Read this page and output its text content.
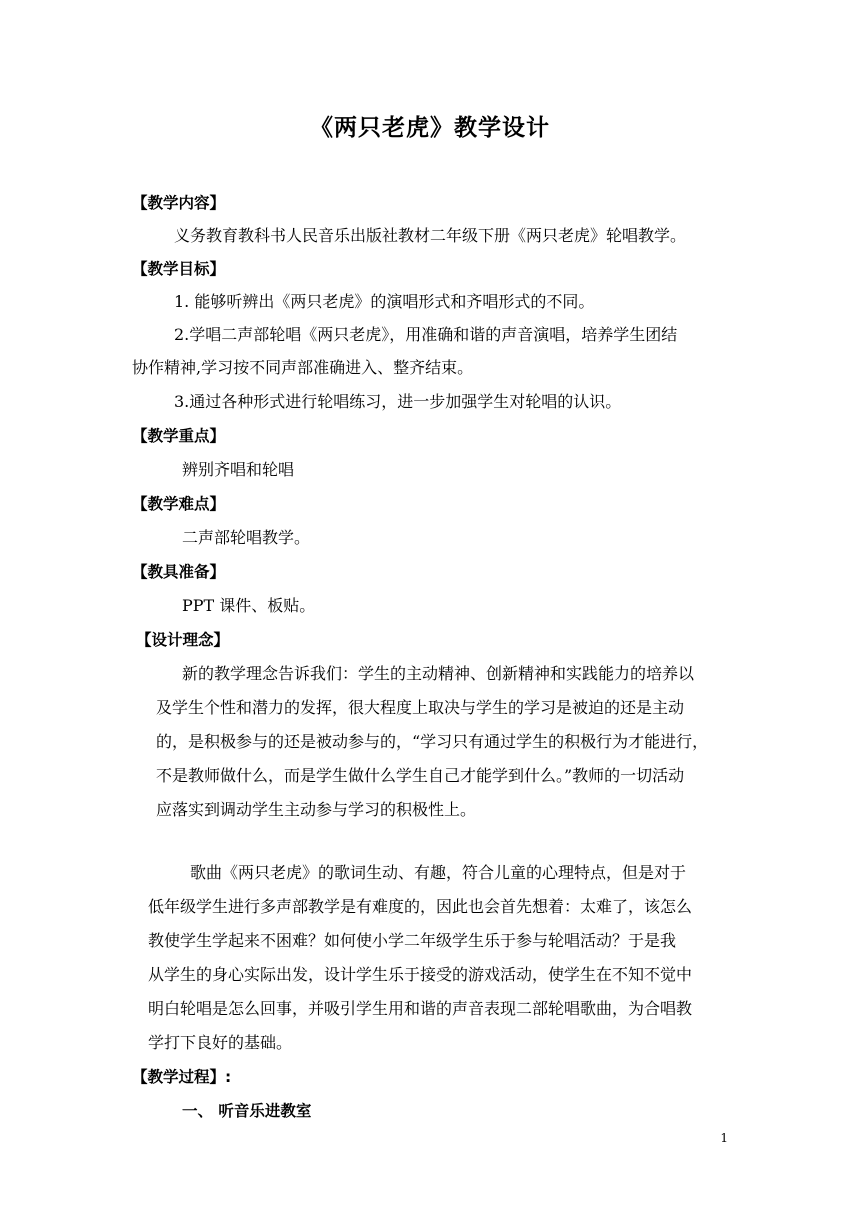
《两只老虎》教学设计
【教学内容】
义务教育教科书人民音乐出版社教材二年级下册《两只老虎》轮唱教学。
【教学目标】
1. 能够听辨出《两只老虎》的演唱形式和齐唱形式的不同。
2.学唱二声部轮唱《两只老虎》，用准确和谐的声音演唱，培养学生团结
协作精神,学习按不同声部准确进入、整齐结束。
3.通过各种形式进行轮唱练习，进一步加强学生对轮唱的认识。
【教学重点】
辨别齐唱和轮唱
【教学难点】
二声部轮唱教学。
【教具准备】
PPT 课件、板贴。
【设计理念】
新的教学理念告诉我们：学生的主动精神、创新精神和实践能力的培养以
及学生个性和潜力的发挥，很大程度上取决与学生的学习是被迫的还是主动
的，是积极参与的还是被动参与的，“学习只有通过学生的积极行为才能进行，
不是教师做什么，而是学生做什么学生自己才能学到什么。”教师的一切活动
应落实到调动学生主动参与学习的积极性上。
歌曲《两只老虎》的歌词生动、有趣，符合儿童的心理特点，但是对于
低年级学生进行多声部教学是有难度的，因此也会首先想着：太难了，该怎么
教使学生学起来不困难？如何使小学二年级学生乐于参与轮唱活动？于是我
从学生的身心实际出发，设计学生乐于接受的游戏活动，使学生在不知不觉中
明白轮唱是怎么回事，并吸引学生用和谐的声音表现二部轮唱歌曲，为合唱教
学打下良好的基础。
【教学过程】:
一、 听音乐进教室
1
